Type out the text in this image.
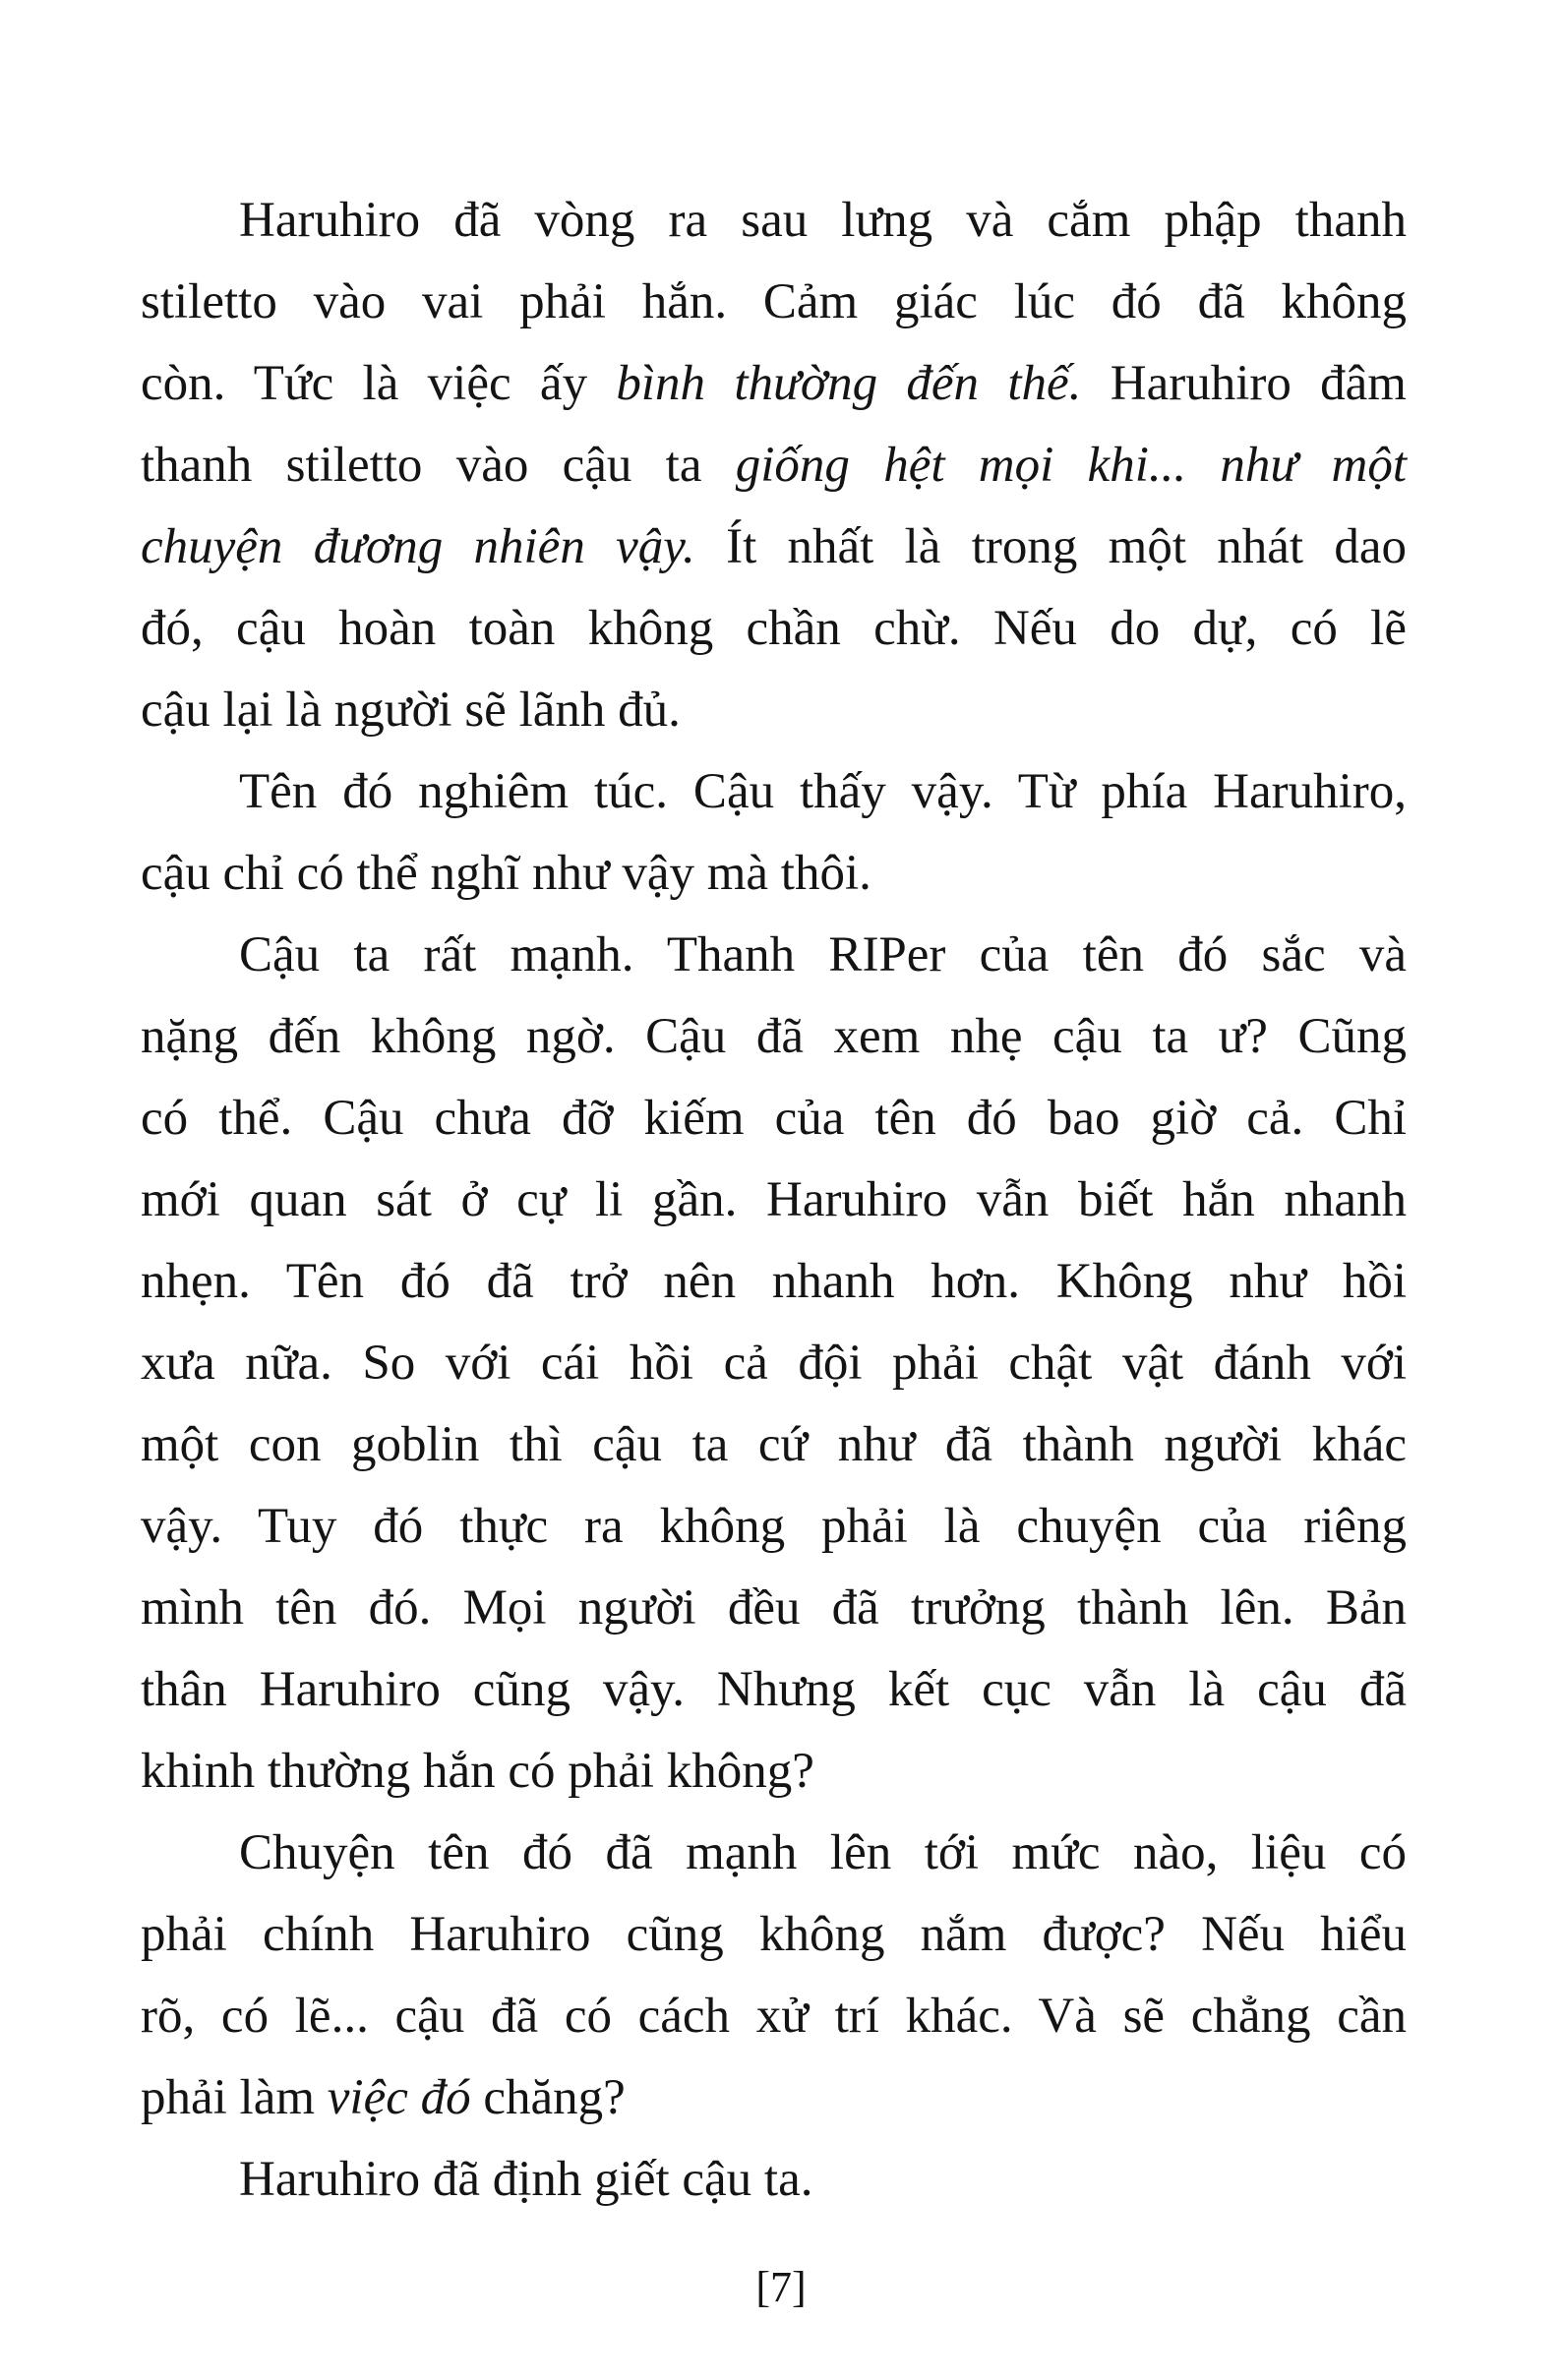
Haruhiro đã vòng ra sau lưng và cắm phập thanh
stiletto vào vai phải hắn. Cảm giác lúc đó đã không
còn. Tức là việc ấy bình thường đến thế. Haruhiro đâm
thanh stiletto vào cậu ta giống hệt mọi khi... như một
chuyện đương nhiên vậy. Ít nhất là trong một nhát dao
đó, cậu hoàn toàn không chần chừ. Nếu do dự, có lẽ
cậu lại là người sẽ lãnh đủ.
Tên đó nghiêm túc. Cậu thấy vậy. Từ phía Haruhiro,
cậu chỉ có thể nghĩ như vậy mà thôi.
Cậu ta rất mạnh. Thanh RIPer của tên đó sắc và
nặng đến không ngờ. Cậu đã xem nhẹ cậu ta ư? Cũng
có thể. Cậu chưa đỡ kiếm của tên đó bao giờ cả. Chỉ
mới quan sát ở cự li gần. Haruhiro vẫn biết hắn nhanh
nhẹn. Tên đó đã trở nên nhanh hơn. Không như hồi
xưa nữa. So với cái hồi cả đội phải chật vật đánh với
một con goblin thì cậu ta cứ như đã thành người khác
vậy. Tuy đó thực ra không phải là chuyện của riêng
mình tên đó. Mọi người đều đã trưởng thành lên. Bản
thân Haruhiro cũng vậy. Nhưng kết cục vẫn là cậu đã
khinh thường hắn có phải không?
Chuyện tên đó đã mạnh lên tới mức nào, liệu có
phải chính Haruhiro cũng không nắm được? Nếu hiểu
rõ, có lẽ... cậu đã có cách xử trí khác. Và sẽ chẳng cần
phải làm việc đó chăng?
Haruhiro đã định giết cậu ta.
[7]
